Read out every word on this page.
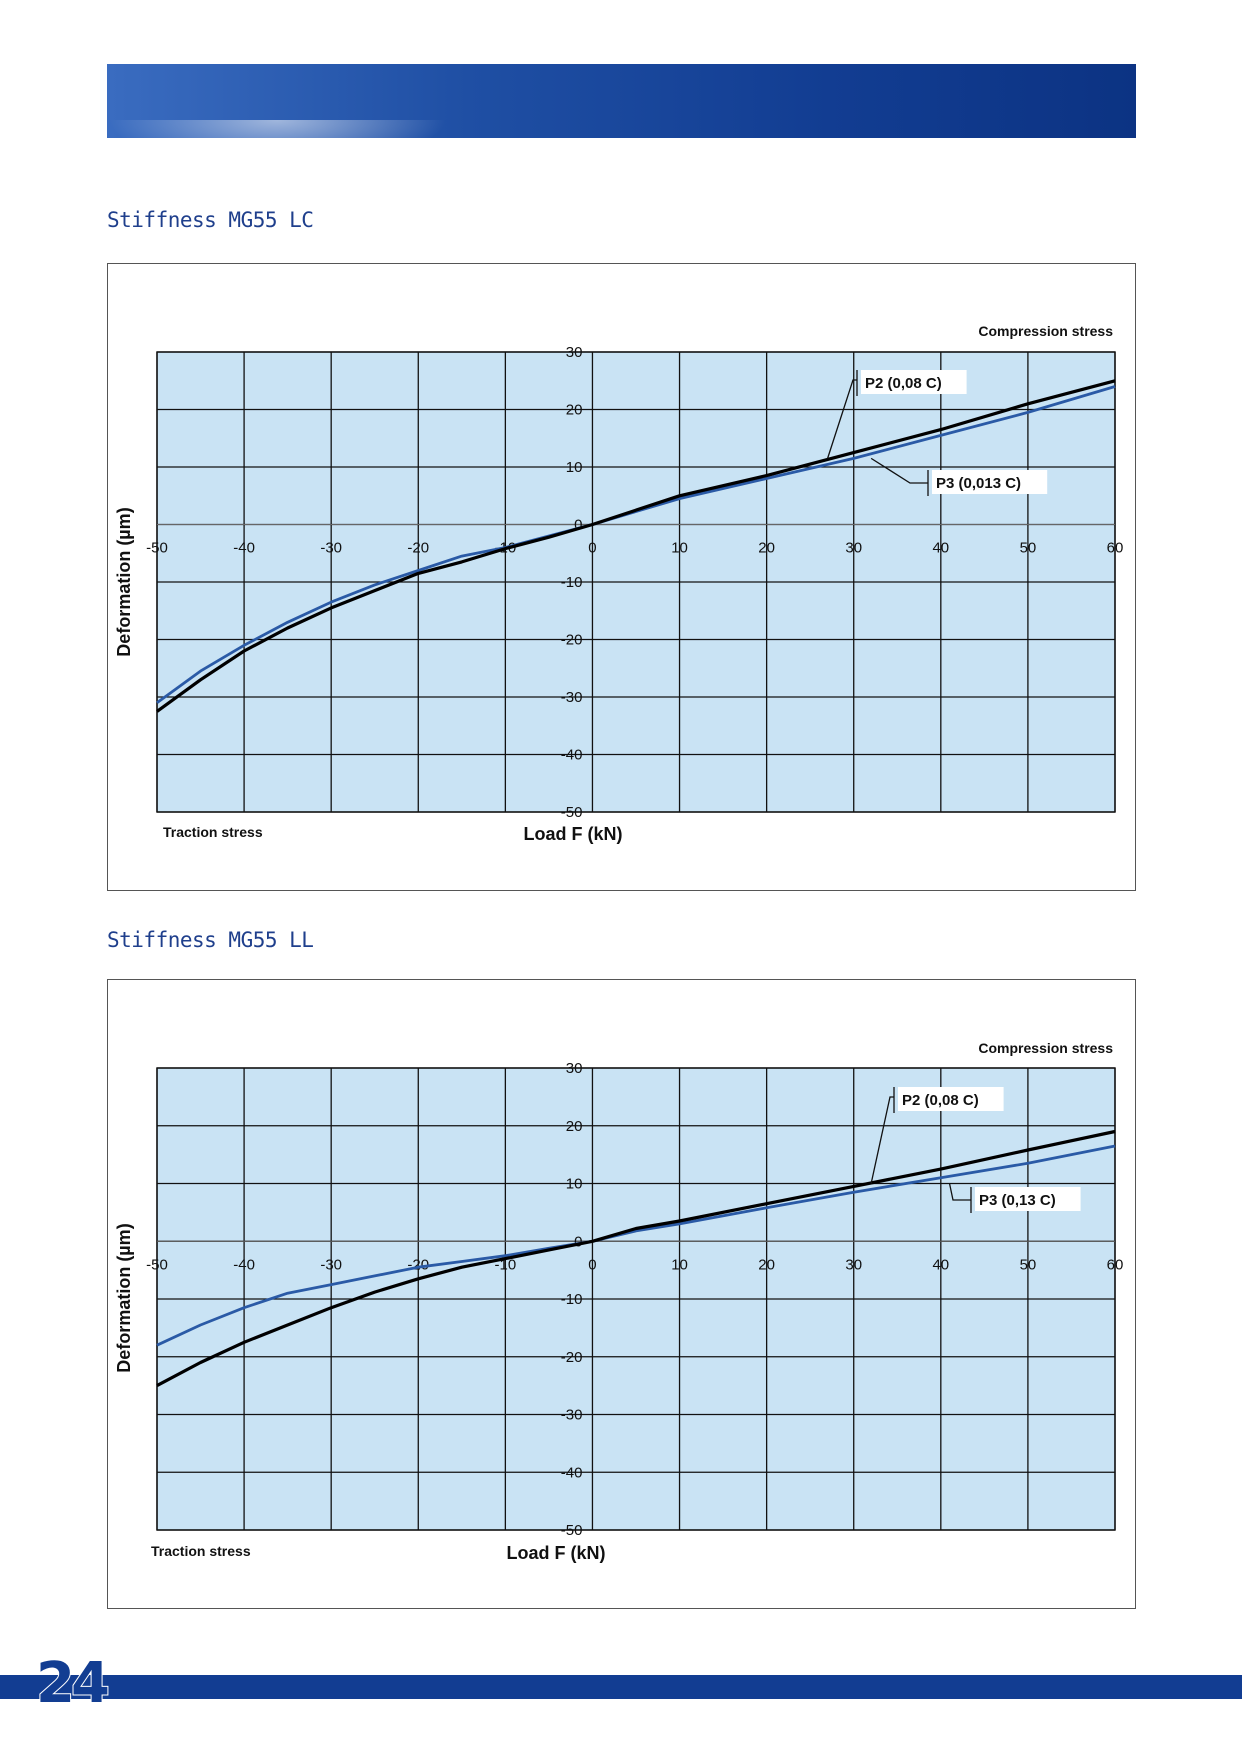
Stiffness MG55 LC
-50	-40	-30	-20	-10	0	10	20	30	40	50	60
30
20
10
0
-10
-20
-30
-40
-50
P2 (0,08 C)
P3 (0,013 C)
Compression stress
Traction stress	Load F (kN)
Deformation (µm)
Stiffness MG55 LL
-50	-40	-30	-20	-10	0	10	20	30	40	50	60
30
20
10
0
-10
-20
-30
-40
-50
P2 (0,08 C)
P3 (0,13 C)
Compression stress
Traction stress	Load F (kN)
Deformation (µm)
24
